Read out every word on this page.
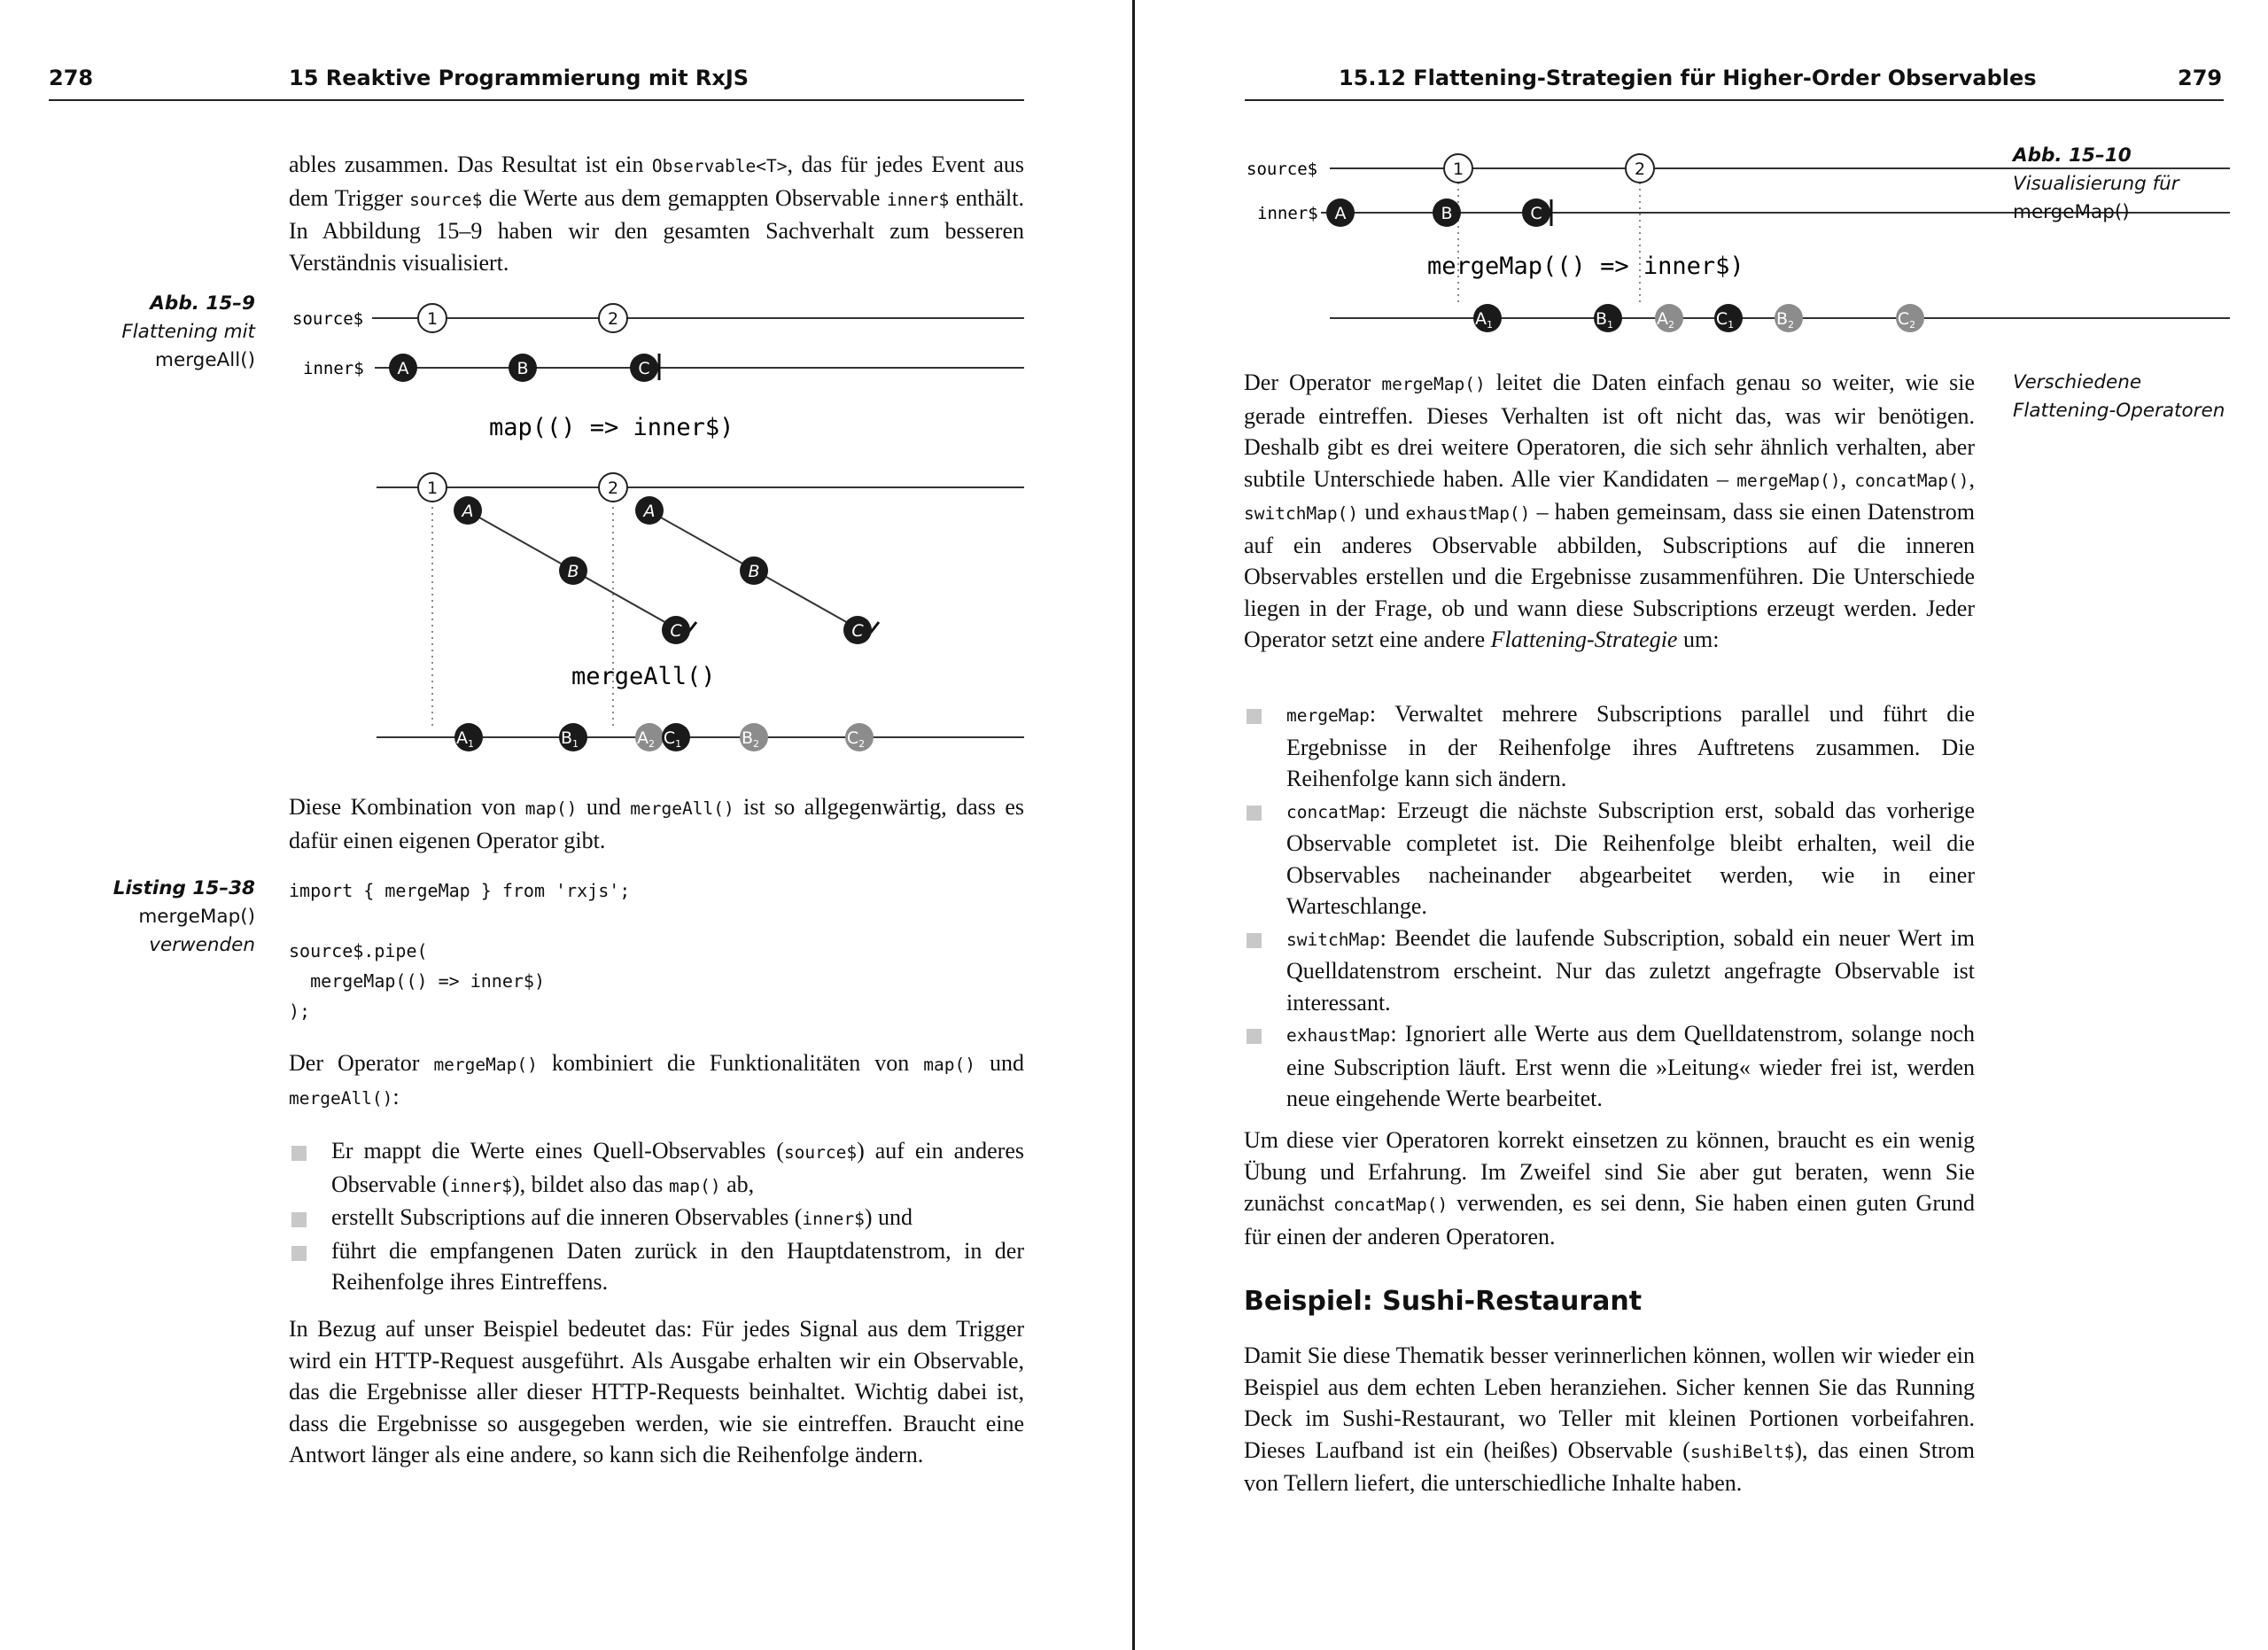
278	15 Reaktive Programmierung mit RxJS
ables zusammen. Das Resultat ist ein Observable<T>, das für jedes Event aus dem Trigger source$ die Werte aus dem gemappten Observable inner$ enthält. In Abbildung 15–9 haben wir den gesamten Sachverhalt zum besseren Verständnis visualisiert.
Abb. 15–9
Flattening mit
mergeAll()
source$
inner$
map(() => inner$)
mergeAll()
1	2
A	B	C
1	2
A
B
C
A
B
C
$A_1$	$B_1$	$A_2$ $C_1$	$B_2$	$C_2$
Diese Kombination von map() und mergeAll() ist so allgegenwärtig, dass es dafür einen eigenen Operator gibt.
Listing 15–38
mergeMap()
verwenden
import { mergeMap } from 'rxjs';

source$.pipe(
mergeMap(() => inner$)
);
Der Operator mergeMap() kombiniert die Funktionalitäten von map() und mergeAll():
Er mappt die Werte eines Quell-Observables (source$) auf ein anderes Observable (inner$), bildet also das map() ab,
erstellt Subscriptions auf die inneren Observables (inner$) und
führt die empfangenen Daten zurück in den Hauptdatenstrom, in der Reihenfolge ihres Eintreffens.
In Bezug auf unser Beispiel bedeutet das: Für jedes Signal aus dem Trigger wird ein HTTP-Request ausgeführt. Als Ausgabe erhalten wir ein Observable, das die Ergebnisse aller dieser HTTP-Requests beinhaltet. Wichtig dabei ist, dass die Ergebnisse so ausgegeben werden, wie sie eintreffen. Braucht eine Antwort länger als eine andere, so kann sich die Reihenfolge ändern.
15.12 Flattening-Strategien für Higher-Order Observables	279
source$
inner$
mergeMap(() => inner$)
1	2
A	B	C
$A_1$	$B_1$	$A_2$ $C_1$	$B_2$	$C_2$
Abb. 15–10
Visualisierung für
mergeMap()
Verschiedene
Flattening-Operatoren
Der Operator mergeMap() leitet die Daten einfach genau so weiter, wie sie gerade eintreffen. Dieses Verhalten ist oft nicht das, was wir benötigen. Deshalb gibt es drei weitere Operatoren, die sich sehr ähnlich verhalten, aber subtile Unterschiede haben. Alle vier Kandidaten – mergeMap(), concatMap(), switchMap() und exhaustMap() – haben gemeinsam, dass sie einen Datenstrom auf ein anderes Observable abbilden, Subscriptions auf die inneren Observables erstellen und die Ergebnisse zusammenführen. Die Unterschiede liegen in der Frage, ob und wann diese Subscriptions erzeugt werden. Jeder Operator setzt eine andere Flattening-Strategie um:
mergeMap: Verwaltet mehrere Subscriptions parallel und führt die Ergebnisse in der Reihenfolge ihres Auftretens zusammen. Die Reihenfolge kann sich ändern.
concatMap: Erzeugt die nächste Subscription erst, sobald das vorherige Observable completet ist. Die Reihenfolge bleibt erhalten, weil die Observables nacheinander abgearbeitet werden, wie in einer Warteschlange.
switchMap: Beendet die laufende Subscription, sobald ein neuer Wert im Quelldatenstrom erscheint. Nur das zuletzt angefragte Observable ist interessant.
exhaustMap: Ignoriert alle Werte aus dem Quelldatenstrom, solange noch eine Subscription läuft. Erst wenn die »Leitung« wieder frei ist, werden neue eingehende Werte bearbeitet.
Um diese vier Operatoren korrekt einsetzen zu können, braucht es ein wenig Übung und Erfahrung. Im Zweifel sind Sie aber gut beraten, wenn Sie zunächst concatMap() verwenden, es sei denn, Sie haben einen guten Grund für einen der anderen Operatoren.
Beispiel: Sushi-Restaurant
Damit Sie diese Thematik besser verinnerlichen können, wollen wir wieder ein Beispiel aus dem echten Leben heranziehen. Sicher kennen Sie das Running Deck im Sushi-Restaurant, wo Teller mit kleinen Portionen vorbeifahren. Dieses Laufband ist ein (heißes) Observable (sushiBelt$), das einen Strom von Tellern liefert, die unterschiedliche Inhalte haben.
